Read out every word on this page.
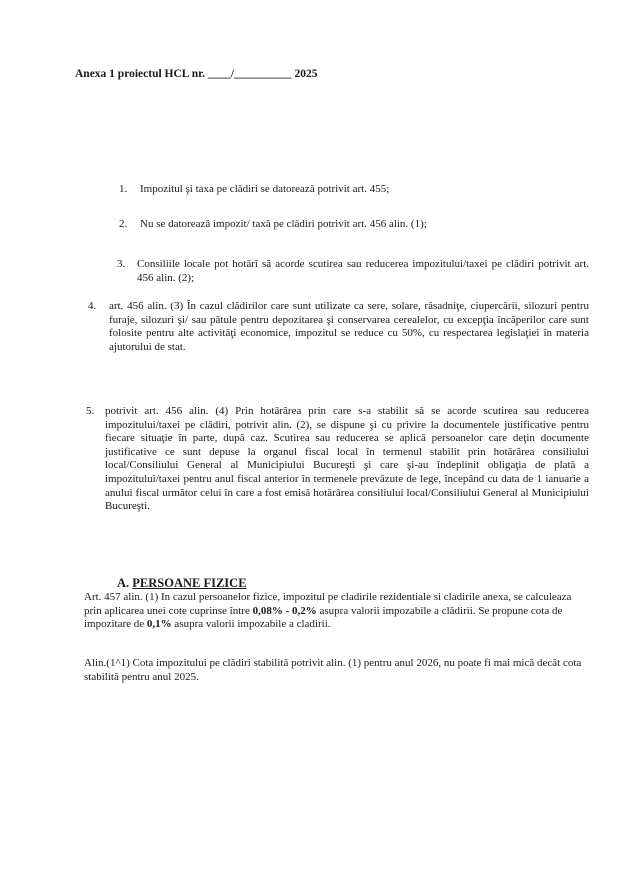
Anexa 1 proiectul HCL nr. ____/__________ 2025
1. Impozitul şi taxa pe clădiri se datorează potrivit art. 455;
2. Nu se datorează impozit/ taxă pe clădiri potrivit art. 456 alin. (1);
3. Consiliile locale pot hotărî să acorde scutirea sau reducerea impozitului/taxei pe clădiri potrivit art. 456 alin. (2);
4. art. 456 alin. (3) În cazul clădirilor care sunt utilizate ca sere, solare, răsadniţe, ciupercării, silozuri pentru furaje, silozuri şi/ sau pătule pentru depozitarea şi conservarea cerealelor, cu excepţia încăperilor care sunt folosite pentru alte activităţi economice, impozitul se reduce cu 50%, cu respectarea legislaţiei în materia ajutorului de stat.
5. potrivit art. 456 alin. (4) Prin hotărârea prin care s-a stabilit să se acorde scutirea sau reducerea impozitului/taxei pe clădiri, potrivit alin. (2), se dispune şi cu privire la documentele justificative pentru fiecare situaţie în parte, după caz. Scutirea sau reducerea se aplică persoanelor care deţin documente justificative ce sunt depuse la organul fiscal local în termenul stabilit prin hotărârea consiliului local/Consiliului General al Municipiului Bucureşti şi care şi-au îndeplinit obligaţia de plată a impozitului/taxei pentru anul fiscal anterior în termenele prevăzute de lege, începând cu data de 1 ianuarie a anului fiscal următor celui în care a fost emisă hotărârea consiliului local/Consiliului General al Municipiului Bucureşti.
A. PERSOANE FIZICE
Art. 457 alin. (1) In cazul persoanelor fizice, impozitul pe cladirile rezidentiale si cladirile anexa, se calculeaza prin aplicarea unei cote cuprinse între 0,08% - 0,2% asupra valorii impozabile a clădirii. Se propune cota de impozitare de 0,1% asupra valorii impozabile a cladirii.
Alin.(1^1) Cota impozitului pe clădiri stabilită potrivit alin. (1) pentru anul 2026, nu poate fi mai mică decât cota stabilită pentru anul 2025.
